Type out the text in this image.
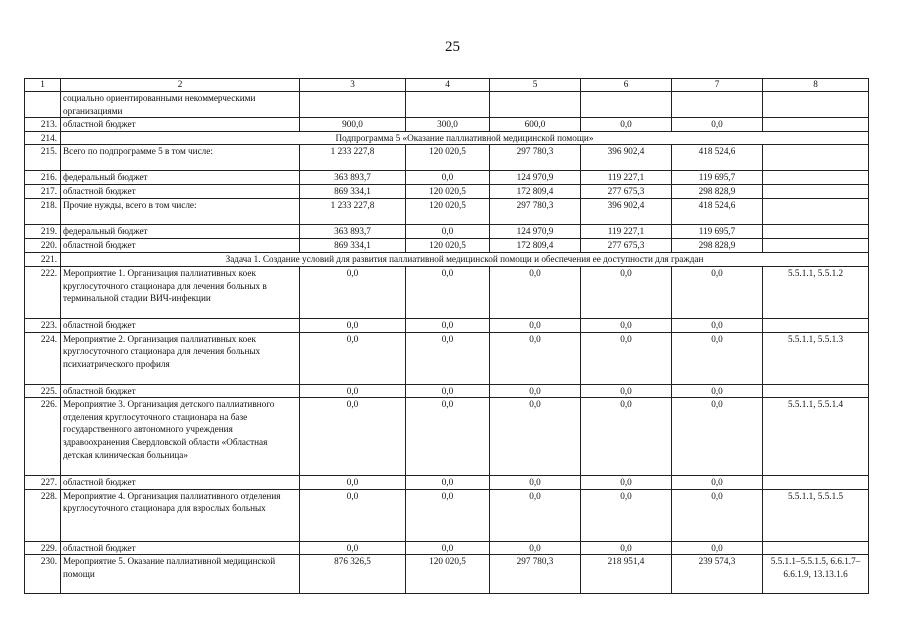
25
1	2	3	4	5	6	7	8
	социально ориентированными некоммерческими организациями						
213.	областной бюджет	900,0	300,0	600,0	0,0	0,0	
214.	Подпрограмма 5 «Оказание паллиативной медицинской помощи»						
215.	Всего по подпрограмме 5 в том числе:	1 233 227,8	120 020,5	297 780,3	396 902,4	418 524,6	
216.	федеральный бюджет	363 893,7	0,0	124 970,9	119 227,1	119 695,7	
217.	областной бюджет	869 334,1	120 020,5	172 809,4	277 675,3	298 828,9	
218.	Прочие нужды, всего в том числе:	1 233 227,8	120 020,5	297 780,3	396 902,4	418 524,6	
219.	федеральный бюджет	363 893,7	0,0	124 970,9	119 227,1	119 695,7	
220.	областной бюджет	869 334,1	120 020,5	172 809,4	277 675,3	298 828,9	
221.	Задача 1. Создание условий для развития паллиативной медицинской помощи и обеспечения ее доступности для граждан						
222.	Мероприятие 1. Организация паллиативных коек круглосуточного стационара для лечения больных в терминальной стадии ВИЧ-инфекции	0,0	0,0	0,0	0,0	0,0	5.5.1.1, 5.5.1.2
223.	областной бюджет	0,0	0,0	0,0	0,0	0,0	
224.	Мероприятие 2. Организация паллиативных коек круглосуточного стационара для лечения больных психиатрического профиля	0,0	0,0	0,0	0,0	0,0	5.5.1.1, 5.5.1.3
225.	областной бюджет	0,0	0,0	0,0	0,0	0,0	
226.	Мероприятие 3. Организация детского паллиативного отделения круглосуточного стационара на базе государственного автономного учреждения здравоохранения Свердловской области «Областная детская клиническая больница»	0,0	0,0	0,0	0,0	0,0	5.5.1.1, 5.5.1.4
227.	областной бюджет	0,0	0,0	0,0	0,0	0,0	
228.	Мероприятие 4. Организация паллиативного отделения круглосуточного стационара для взрослых больных	0,0	0,0	0,0	0,0	0,0	5.5.1.1, 5.5.1.5
229.	областной бюджет	0,0	0,0	0,0	0,0	0,0	
230.	Мероприятие 5. Оказание паллиативной медицинской помощи	876 326,5	120 020,5	297 780,3	218 951,4	239 574,3	5.5.1.1–5.5.1.5, 6.6.1.7–6.6.1.9, 13.13.1.6
